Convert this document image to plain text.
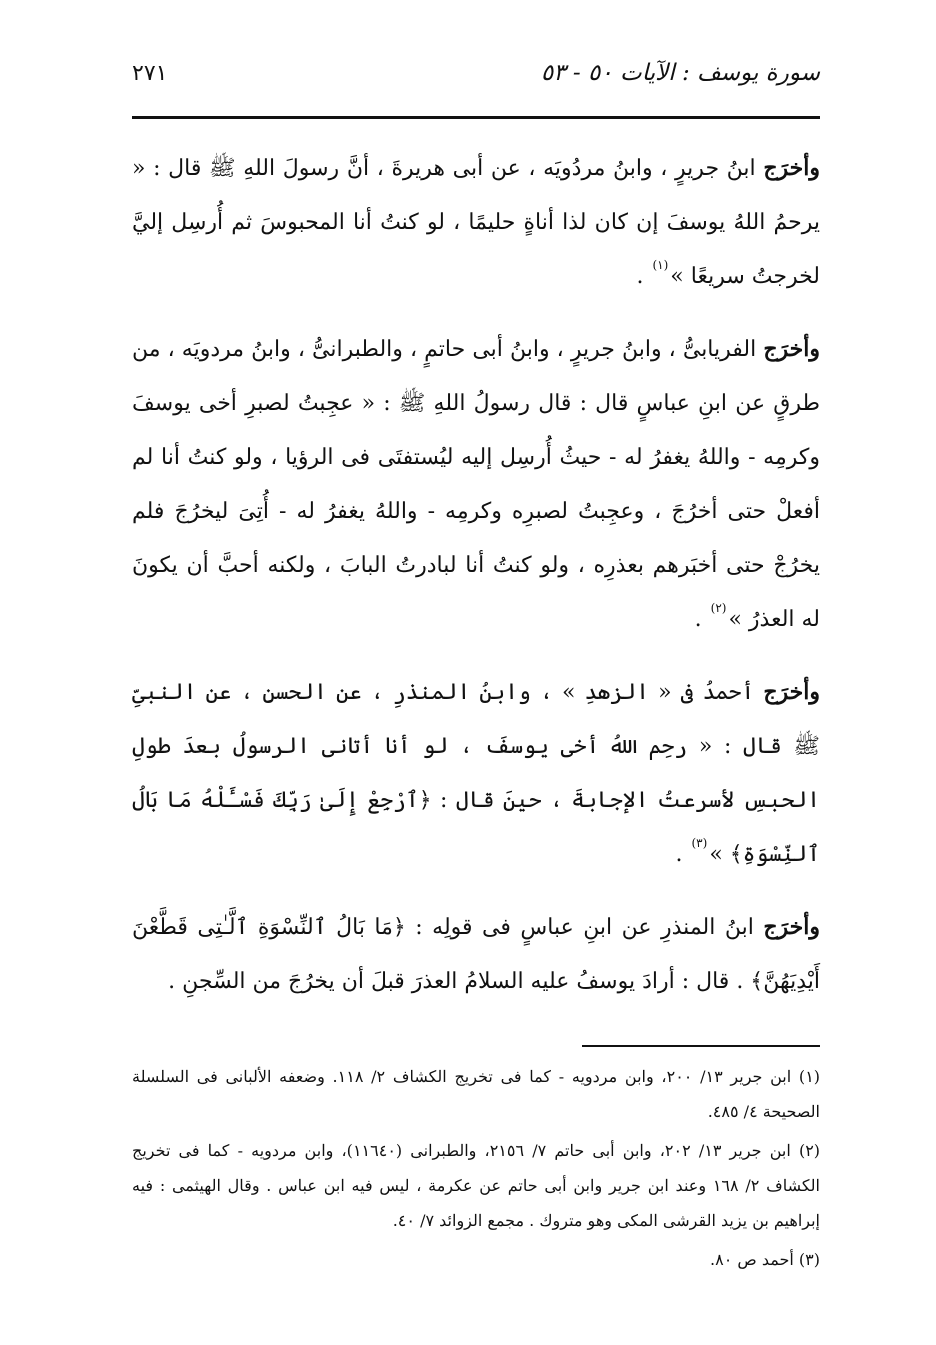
سورة يوسف : الآيات ٥٠ - ٥٣
٢٧١

وأخرَج ابنُ جريرٍ ، وابنُ مردُويَه ، عن أبى هريرةَ ، أنَّ رسولَ اللهِ ﷺ قال : « يرحمُ اللهُ يوسفَ إن كان لذا أناةٍ حليمًا ، لو كنتُ أنا المحبوسَ ثم أُرسِل إليَّ لخرجتُ سريعًا »$^{(١)}$ .

وأخرَج الفريابىُّ ، وابنُ جريرٍ ، وابنُ أبى حاتمٍ ، والطبرانىُّ ، وابنُ مردويَه ، من طرقٍ عن ابنِ عباسٍ قال : قال رسولُ اللهِ ﷺ : « عجِبتُ لصبرِ أخى يوسفَ وكرمِه - واللهُ يغفرُ له - حيثُ أُرسِل إليه ليُستفتَى فى الرؤيا ، ولو كنتُ أنا لم أفعلْ حتى أخرُجَ ، وعجِبتُ لصبرِه وكرمِه - واللهُ يغفرُ له - أُتِىَ ليخرُجَ فلم يخرُجْ حتى أخبَرهم بعذرِه ، ولو كنتُ أنا لبادرتُ البابَ ، ولكنه أحبَّ أن يكونَ له العذرُ »$^{(٢)}$ .

وأخرَج أحمدُ فى « الزهدِ » ، وابنُ المنذرِ ، عن الحسنِ ، عن النبىِّ ﷺ قال : « رحِم اللهُ أخى يوسفَ ، لو أنا أتانى الرسولُ بعدَ طولِ الحبسِ لأسرعتُ الإجابةَ ، حينَ قال : ﴿ٱرْجِعْ إِلَىٰ رَبِّكَ فَسْـَٔلْهُ مَا بَالُ ٱلنِّسْوَةِ﴾ »$^{(٣)}$ .

وأخرَج ابنُ المنذرِ عن ابنِ عباسٍ فى قولِه : ﴿مَا بَالُ ٱلنِّسْوَةِ ٱلَّـٰتِى قَطَّعْنَ أَيْدِيَهُنَّ﴾ . قال : أرادَ يوسفُ عليه السلامُ العذرَ قبلَ أن يخرُجَ من السِّجنِ .

(١) ابن جرير ١٣/ ٢٠٠، وابن مردويه - كما فى تخريج الكشاف ٢/ ١١٨. وضعفه الألبانى فى السلسلة الصحيحة ٤/ ٤٨٥.

(٢) ابن جرير ١٣/ ٢٠٢، وابن أبى حاتم ٧/ ٢١٥٦، والطبرانى (١١٦٤٠)، وابن مردويه - كما فى تخريج الكشاف ٢/ ١٦٨ وعند ابن جرير وابن أبى حاتم عن عكرمة ، ليس فيه ابن عباس . وقال الهيثمى : فيه إبراهيم بن يزيد القرشى المكى وهو متروك . مجمع الزوائد ٧/ ٤٠.

(٣) أحمد ص ٨٠.
